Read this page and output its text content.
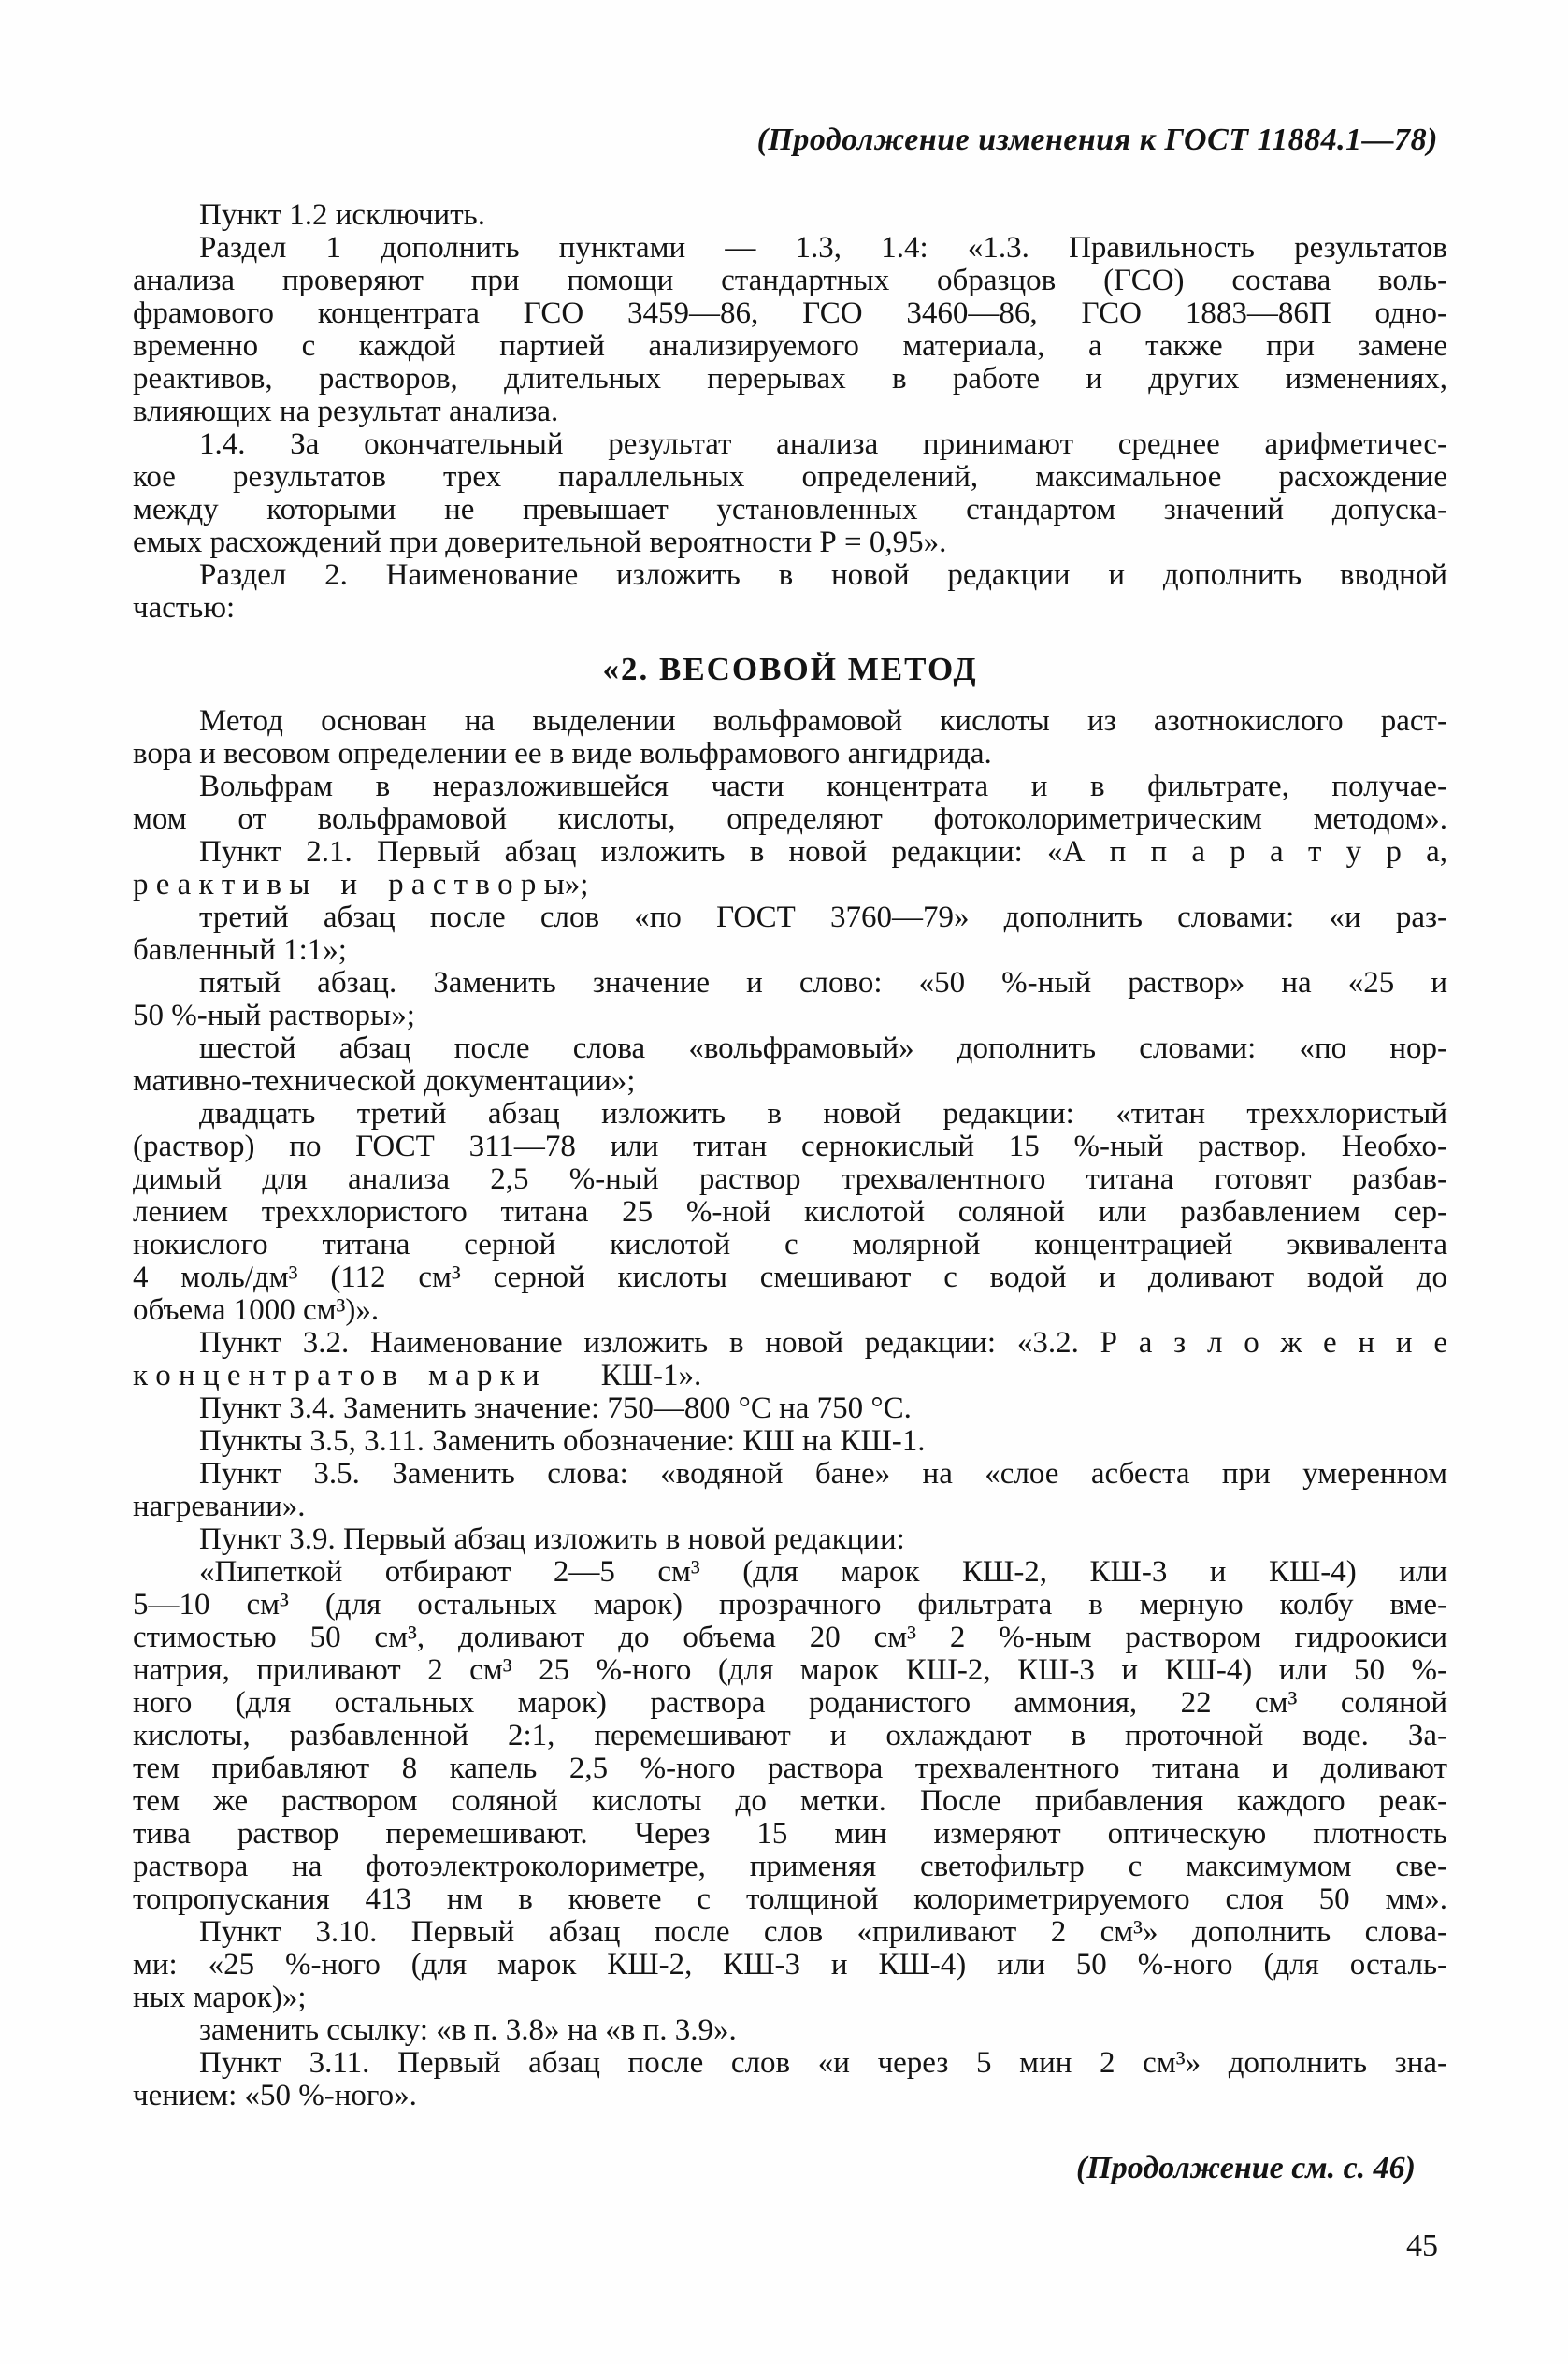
(Продолжение изменения к ГОСТ 11884.1—78)
Пункт 1.2 исключить.
Раздел 1 дополнить пунктами — 1.3, 1.4: «1.3. Правильность результатов
анализа проверяют при помощи стандартных образцов (ГСО) состава воль-
фрамового концентрата ГСО 3459—86, ГСО 3460—86, ГСО 1883—86П одно-
временно с каждой партией анализируемого материала, а также при замене
реактивов, растворов, длительных перерывах в работе и других изменениях,
влияющих на результат анализа.
1.4. За окончательный результат анализа принимают среднее арифметичес-
кое результатов трех параллельных определений, максимальное расхождение
между которыми не превышает установленных стандартом значений допуска-
емых расхождений при доверительной вероятности Р = 0,95».
Раздел 2. Наименование изложить в новой редакции и дополнить вводной
частью:
«2. ВЕСОВОЙ МЕТОД
Метод основан на выделении вольфрамовой кислоты из азотнокислого раст-
вора и весовом определении ее в виде вольфрамового ангидрида.
Вольфрам в неразложившейся части концентрата и в фильтрате, получае-
мом от вольфрамовой кислоты, определяют фотоколориметрическим методом».
Пункт 2.1. Первый абзац изложить в новой редакции: «А п п а р а т у р а,
р е а к т и в ы и р а с т в о р ы»;
третий абзац после слов «по ГОСТ 3760—79» дополнить словами: «и раз-
бавленный 1:1»;
пятый абзац. Заменить значение и слово: «50 %-ный раствор» на «25 и
50 %-ный растворы»;
шестой абзац после слова «вольфрамовый» дополнить словами: «по нор-
мативно-технической документации»;
двадцать третий абзац изложить в новой редакции: «титан треххлористый
(раствор) по ГОСТ 311—78 или титан сернокислый 15 %-ный раствор. Необхо-
димый для анализа 2,5 %-ный раствор трехвалентного титана готовят разбав-
лением треххлористого титана 25 %-ной кислотой соляной или разбавлением сер-
нокислого титана серной кислотой с молярной концентрацией эквивалента
4 моль/дм³ (112 см³ серной кислоты смешивают с водой и доливают водой до
объема 1000 см³)».
Пункт 3.2. Наименование изложить в новой редакции: «3.2. Р а з л о ж е н и е
к о н ц е н т р а т о в м а р к и  КШ-1».
Пункт 3.4. Заменить значение: 750—800 °С на 750 °С.
Пункты 3.5, 3.11. Заменить обозначение: КШ на КШ-1.
Пункт 3.5. Заменить слова: «водяной бане» на «слое асбеста при умеренном
нагревании».
Пункт 3.9. Первый абзац изложить в новой редакции:
«Пипеткой отбирают 2—5 см³ (для марок КШ-2, КШ-3 и КШ-4) или
5—10 см³ (для остальных марок) прозрачного фильтрата в мерную колбу вме-
стимостью 50 см³, доливают до объема 20 см³ 2 %-ным раствором гидроокиси
натрия, приливают 2 см³ 25 %-ного (для марок КШ-2, КШ-3 и КШ-4) или 50 %-
ного (для остальных марок) раствора роданистого аммония, 22 см³ соляной
кислоты, разбавленной 2:1, перемешивают и охлаждают в проточной воде. За-
тем прибавляют 8 капель 2,5 %-ного раствора трехвалентного титана и доливают
тем же раствором соляной кислоты до метки. После прибавления каждого реак-
тива раствор перемешивают. Через 15 мин измеряют оптическую плотность
раствора на фотоэлектроколориметре, применяя светофильтр с максимумом све-
топропускания 413 нм в кювете с толщиной колориметрируемого слоя 50 мм».
Пункт 3.10. Первый абзац после слов «приливают 2 см³» дополнить слова-
ми: «25 %-ного (для марок КШ-2, КШ-3 и КШ-4) или 50 %-ного (для осталь-
ных марок)»;
заменить ссылку: «в п. 3.8» на «в п. 3.9».
Пункт 3.11. Первый абзац после слов «и через 5 мин 2 см³» дополнить зна-
чением: «50 %-ного».
(Продолжение см. с. 46)
45
